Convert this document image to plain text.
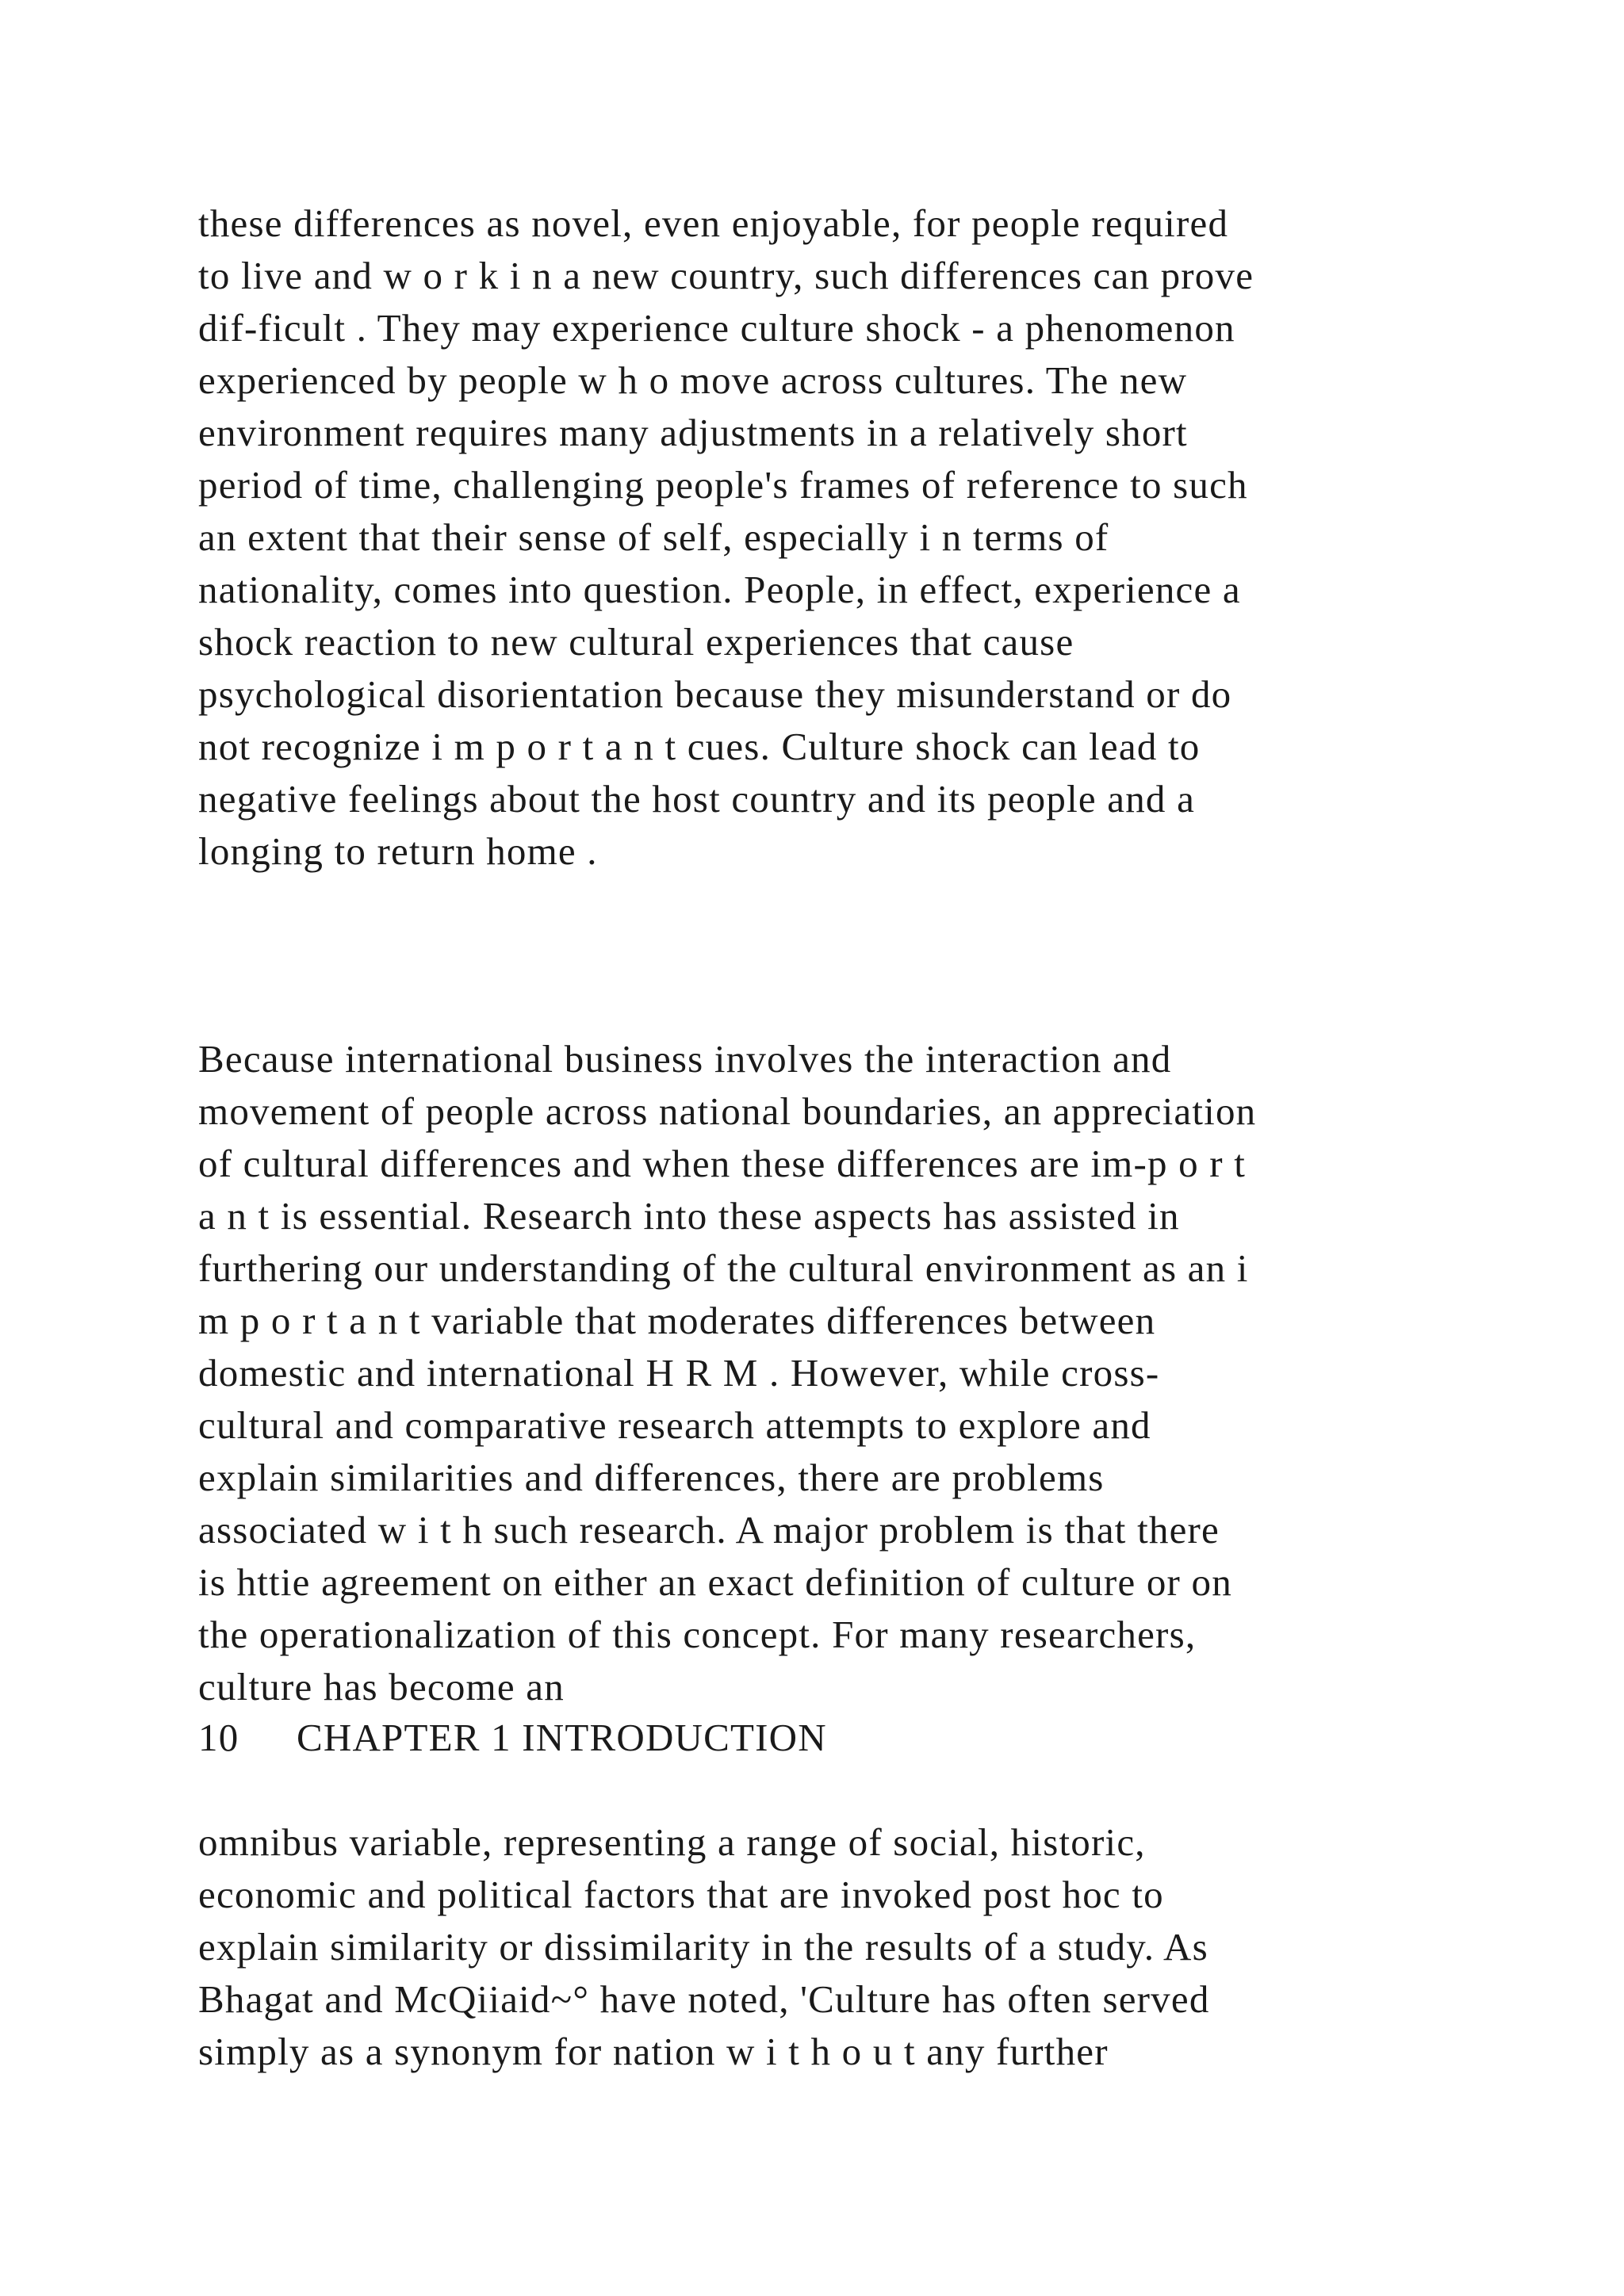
these differences as novel, even enjoyable, for people required
to live and w o r k i n a new country, such differences can prove
dif-ficult . They may experience culture shock - a phenomenon
experienced by people w h o move across cultures. The new
environment requires many adjustments in a relatively short
period of time, challenging people's frames of reference to such
an extent that their sense of self, especially i n terms of
nationality, comes into question. People, in effect, experience a
shock reaction to new cultural experiences that cause
psychological disorientation because they misunderstand or do
not recognize i m p o r t a n t cues. Culture shock can lead to
negative feelings about the host country and its people and a
longing to return home .
Because international business involves the interaction and
movement of people across national boundaries, an appreciation
of cultural differences and when these differences are im-p o r t
a n t is essential. Research into these aspects has assisted in
furthering our understanding of the cultural environment as an i
m p o r t a n t variable that moderates differences between
domestic and international H R M . However, while cross-
cultural and comparative research attempts to explore and
explain similarities and differences, there are problems
associated w i t h such research. A major problem is that there
is httie agreement on either an exact definition of culture or on
the operationalization of this concept. For many researchers,
culture has become an
10 CHAPTER 1 INTRODUCTION
omnibus variable, representing a range of social, historic,
economic and political factors that are invoked post hoc to
explain similarity or dissimilarity in the results of a study. As
Bhagat and McQiiaid~° have noted, 'Culture has often served
simply as a synonym for nation w i t h o u t any further
